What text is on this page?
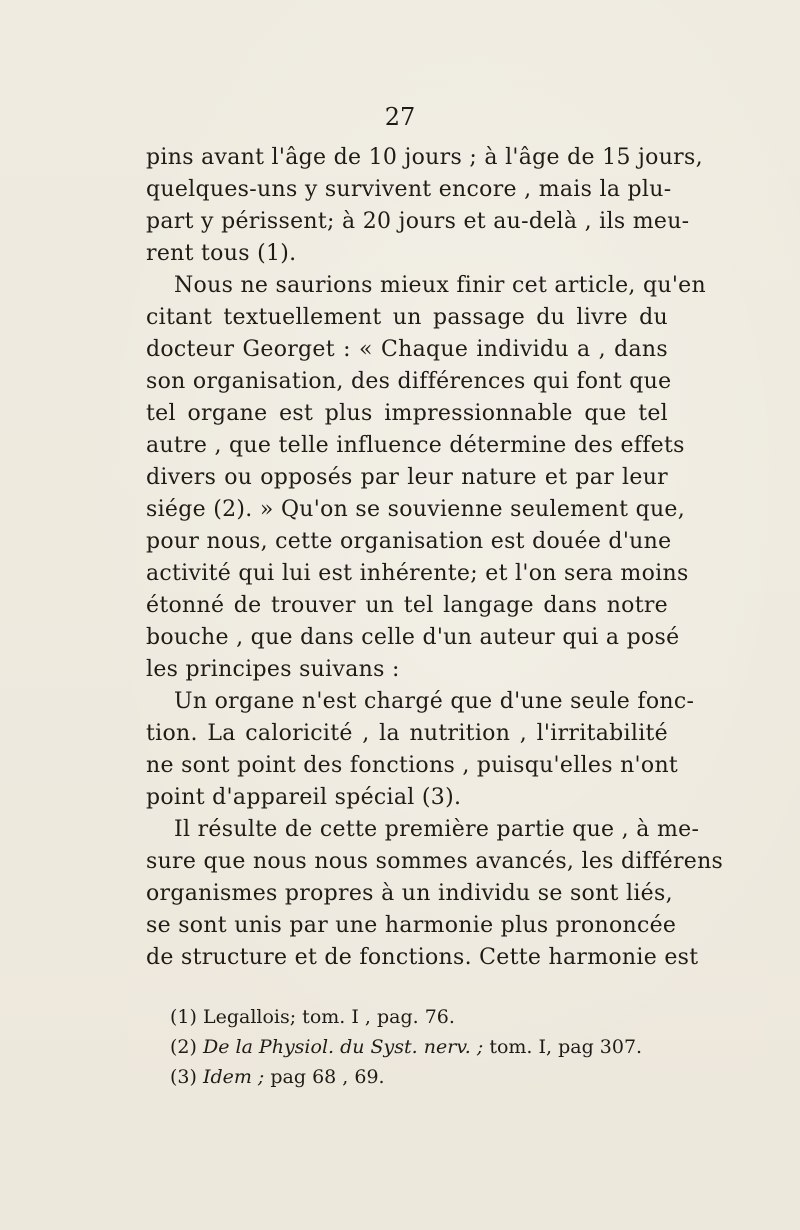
27
pins avant l'âge de 10 jours ; à l'âge de 15 jours,
quelques-uns y survivent encore , mais la plu-
part y périssent; à 20 jours et au-delà , ils meu-
rent tous (1).
Nous ne saurions mieux finir cet article, qu'en
citant textuellement un passage du livre du
docteur Georget : « Chaque individu a , dans
son organisation, des différences qui font que
tel organe est plus impressionnable que tel
autre , que telle influence détermine des effets
divers ou opposés par leur nature et par leur
siége (2). » Qu'on se souvienne seulement que,
pour nous, cette organisation est douée d'une
activité qui lui est inhérente; et l'on sera moins
étonné de trouver un tel langage dans notre
bouche , que dans celle d'un auteur qui a posé
les principes suivans :
Un organe n'est chargé que d'une seule fonc-
tion. La caloricité , la nutrition , l'irritabilité
ne sont point des fonctions , puisqu'elles n'ont
point d'appareil spécial (3).
Il résulte de cette première partie que , à me-
sure que nous nous sommes avancés, les différens
organismes propres à un individu se sont liés,
se sont unis par une harmonie plus prononcée
de structure et de fonctions. Cette harmonie est
(1) Legallois; tom. I , pag. 76.
(2) De la Physiol. du Syst. nerv. ; tom. I, pag 307.
(3) Idem ; pag 68 , 69.
